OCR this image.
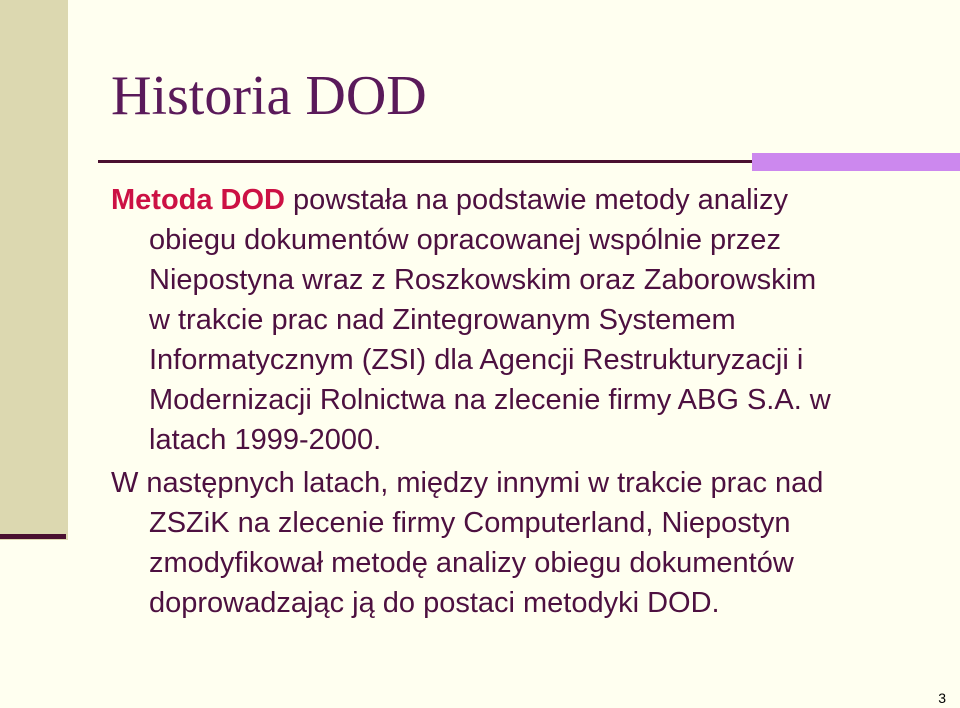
Historia DOD

Metoda DOD powstała na podstawie metody analizy
obiegu dokumentów opracowanej wspólnie przez
Niepostyna wraz z Roszkowskim oraz Zaborowskim
w trakcie prac nad Zintegrowanym Systemem
Informatycznym (ZSI) dla Agencji Restrukturyzacji i
Modernizacji Rolnictwa na zlecenie firmy ABG S.A. w
latach 1999-2000.

W następnych latach, między innymi w trakcie prac nad
ZSZiK na zlecenie firmy Computerland, Niepostyn
zmodyfikował metodę analizy obiegu dokumentów
doprowadzając ją do postaci metodyki DOD.

3
